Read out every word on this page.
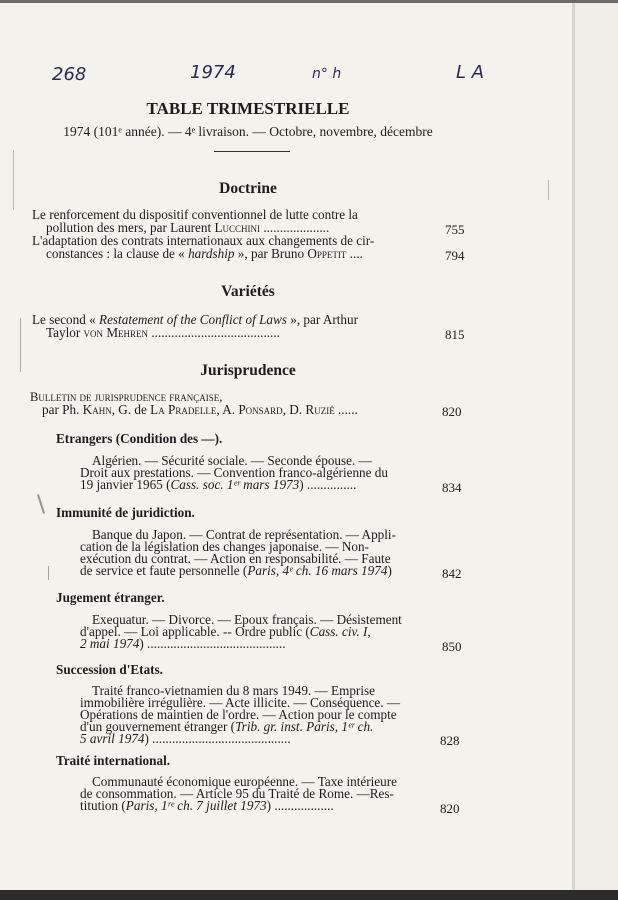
268	1974	n° h	L A
TABLE TRIMESTRIELLE
1974 (101ᵉ année). — 4ᵉ livraison. — Octobre, novembre, décembre
Doctrine
Le renforcement du dispositif conventionnel de lutte contre la
pollution des mers, par Laurent Lucchini ....................	755
L'adaptation des contrats internationaux aux changements de cir-
constances : la clause de « hardship », par Bruno Oppetit ....	794
Variétés
Le second « Restatement of the Conflict of Laws », par Arthur
Taylor von Mehren .......................................	815
Jurisprudence
Bulletin de jurisprudence française,
par Ph. Kahn, G. de La Pradelle, A. Ponsard, D. Ruzié ......	820
Etrangers (Condition des —).
Algérien. — Sécurité sociale. — Seconde épouse. —
Droit aux prestations. — Convention franco-algérienne du
19 janvier 1965 (Cass. soc. 1ᵉʳ mars 1973) ...............	834
Immunité de juridiction.
Banque du Japon. — Contrat de représentation. — Appli-
cation de la législation des changes japonaise. — Non-
exécution du contrat. — Action en responsabilité. — Faute
de service et faute personnelle (Paris, 4ᵉ ch. 16 mars 1974)	842
Jugement étranger.
Exequatur. — Divorce. — Epoux français. — Désistement
d'appel. — Loi applicable. -- Ordre public (Cass. civ. I,
2 mai 1974) ..........................................	850
Succession d'Etats.
Traité franco-vietnamien du 8 mars 1949. — Emprise
immobilière irrégulière. — Acte illicite. — Conséquence. —
Opérations de maintien de l'ordre. — Action pour le compte
d'un gouvernement étranger (Trib. gr. inst. Paris, 1ᵉʳ ch.
5 avril 1974) ..........................................	828
Traité international.
Communauté économique européenne. — Taxe intérieure
de consommation. — Article 95 du Traité de Rome. —Res-
titution (Paris, 1ʳᵉ ch. 7 juillet 1973) ..................	820
